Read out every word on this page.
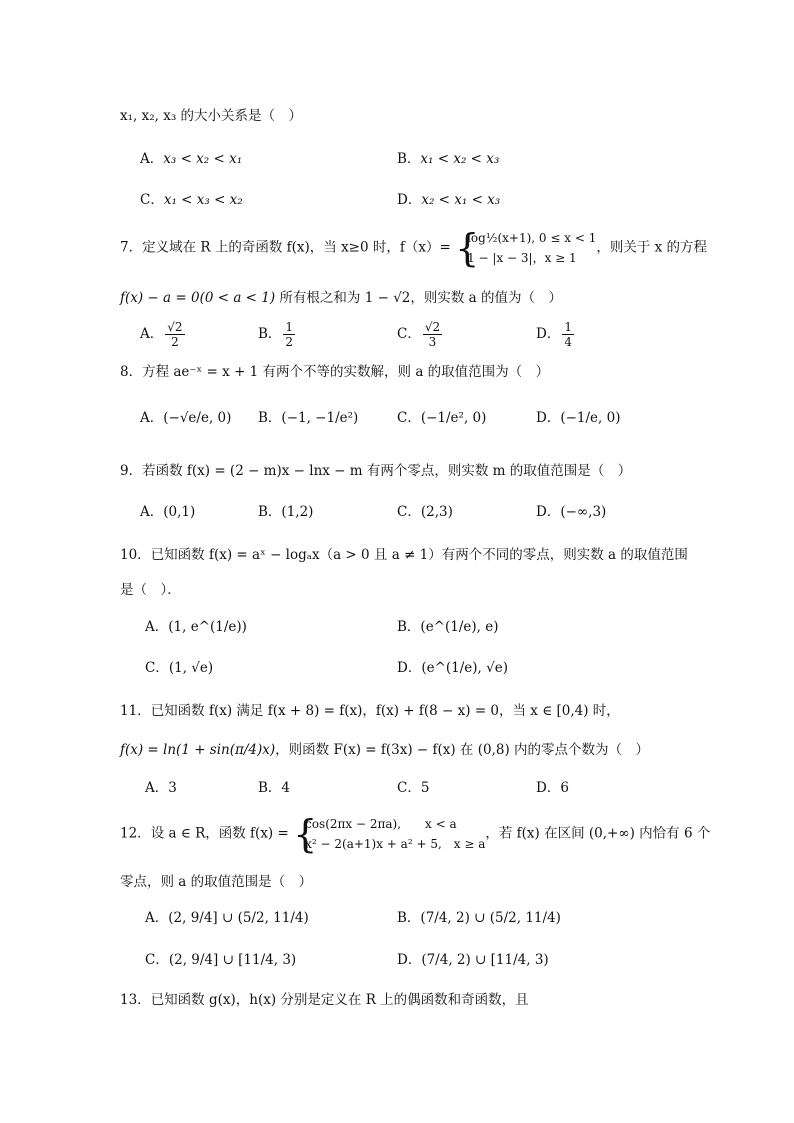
x₁, x₂, x₃ 的大小关系是（　）
A．x₃ < x₂ < x₁	B．x₁ < x₂ < x₃
C．x₁ < x₃ < x₂	D．x₂ < x₁ < x₃
7．定义域在 R 上的奇函数 f(x)，当 x≥0 时，f（x）= {
log½(x+1), 0 ≤ x < 1
1 − |x − 3|，x ≥ 1
，则关于 x 的方程
f(x) − a = 0(0 < a < 1) 所有根之和为 1 − √2，则实数 a 的值为（　）
A． $\frac{√2}{2}$	B． $\frac{1}{2}$	C． $\frac{√2}{3}$	D． $\frac{1}{4}$
8．方程 ae⁻ˣ = x + 1 有两个不等的实数解，则 a 的取值范围为（　）
A．(−√e/e, 0) B．(−1, −1/e²)	C．(−1/e², 0)	D．(−1/e, 0)
9．若函数 f(x) = (2 − m)x − lnx − m 有两个零点，则实数 m 的取值范围是（　）
A．(0,1)	B．(1,2)	C．(2,3)	D．(−∞,3)
10．已知函数 f(x) = aˣ − logₐx（a > 0 且 a ≠ 1）有两个不同的零点，则实数 a 的取值范围
是（　）．
A．(1, e^(1/e))	B．(e^(1/e), e)
C．(1, √e)	D．(e^(1/e), √e)
11．已知函数 f(x) 满足 f(x + 8) = f(x)，f(x) + f(8 − x) = 0，当 x ∈ [0,4) 时，
f(x) = ln(1 + sin(π/4)x)，则函数 F(x) = f(3x) − f(x) 在 (0,8) 内的零点个数为（　）
A．3	B．4	C．5	D．6
12．设 a ∈ R，函数 f(x) = {
cos(2πx − 2πa),　　x < a
x² − 2(a+1)x + a² + 5,　x ≥ a
，若 f(x) 在区间 (0,+∞) 内恰有 6 个
零点，则 a 的取值范围是（　）
A．(2, 9/4] ∪ (5/2, 11/4)	B．(7/4, 2) ∪ (5/2, 11/4)
C．(2, 9/4] ∪ [11/4, 3)	D．(7/4, 2) ∪ [11/4, 3)
13．已知函数 g(x)，h(x) 分别是定义在 R 上的偶函数和奇函数，且
